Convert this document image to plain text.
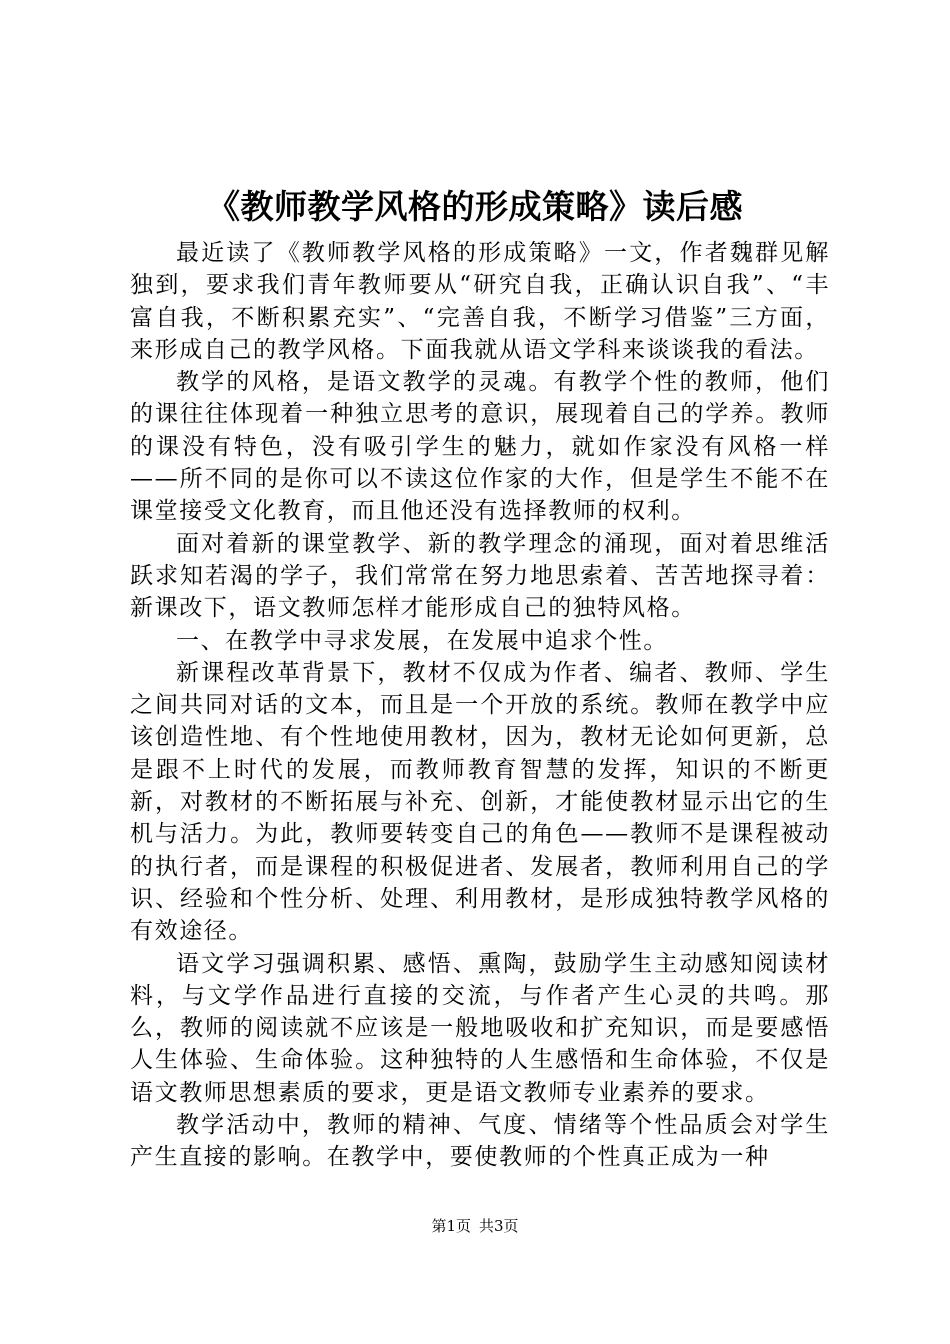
《教师教学风格的形成策略》读后感

最近读了《教师教学风格的形成策略》一文，作者魏群见解独到，要求我们青年教师要从“研究自我，正确认识自我”、“丰富自我，不断积累充实”、“完善自我，不断学习借鉴”三方面，来形成自己的教学风格。下面我就从语文学科来谈谈我的看法。

教学的风格，是语文教学的灵魂。有教学个性的教师，他们的课往往体现着一种独立思考的意识，展现着自己的学养。教师的课没有特色，没有吸引学生的魅力，就如作家没有风格一样——所不同的是你可以不读这位作家的大作，但是学生不能不在课堂接受文化教育，而且他还没有选择教师的权利。

面对着新的课堂教学、新的教学理念的涌现，面对着思维活跃求知若渴的学子，我们常常在努力地思索着、苦苦地探寻着：新课改下，语文教师怎样才能形成自己的独特风格。

一、在教学中寻求发展，在发展中追求个性。

新课程改革背景下，教材不仅成为作者、编者、教师、学生之间共同对话的文本，而且是一个开放的系统。教师在教学中应该创造性地、有个性地使用教材，因为，教材无论如何更新，总是跟不上时代的发展，而教师教育智慧的发挥，知识的不断更新，对教材的不断拓展与补充、创新，才能使教材显示出它的生机与活力。为此，教师要转变自己的角色——教师不是课程被动的执行者，而是课程的积极促进者、发展者，教师利用自己的学识、经验和个性分析、处理、利用教材，是形成独特教学风格的有效途径。

语文学习强调积累、感悟、熏陶，鼓励学生主动感知阅读材料，与文学作品进行直接的交流，与作者产生心灵的共鸣。那么，教师的阅读就不应该是一般地吸收和扩充知识，而是要感悟人生体验、生命体验。这种独特的人生感悟和生命体验，不仅是语文教师思想素质的要求，更是语文教师专业素养的要求。

教学活动中，教师的精神、气度、情绪等个性品质会对学生产生直接的影响。在教学中，要使教师的个性真正成为一种

第1页 共3页
